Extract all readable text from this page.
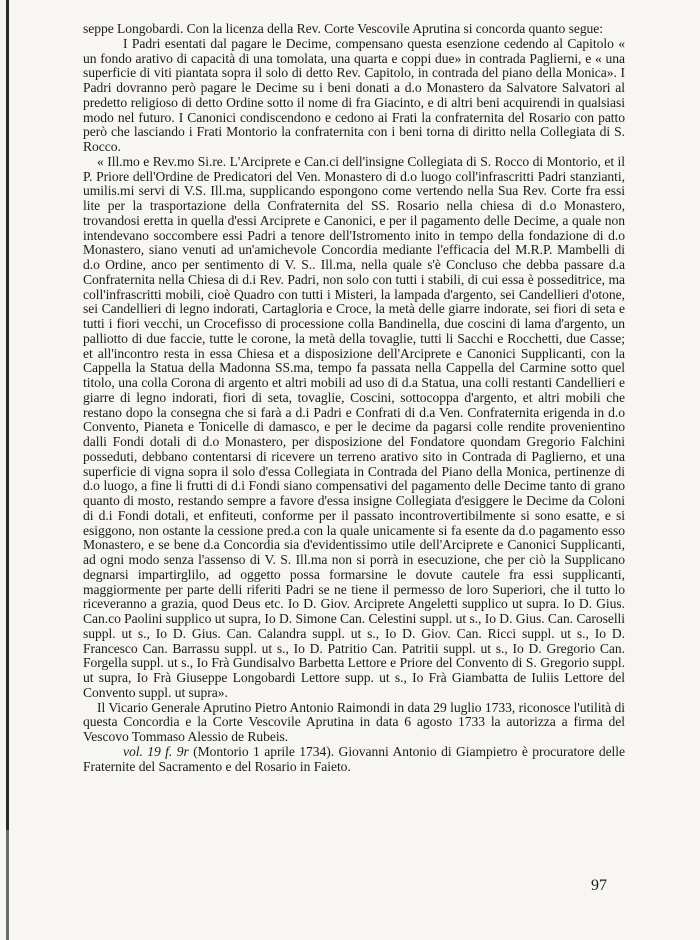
seppe Longobardi. Con la licenza della Rev. Corte Vescovile Aprutina si concorda quanto segue:

I Padri esentati dal pagare le Decime, compensano questa esenzione cedendo al Capitolo « un fondo arativo di capacità di una tomolata, una quarta e coppi due» in contrada Paglierni, e « una superficie di viti piantata sopra il solo di detto Rev. Capitolo, in contrada del piano della Monica». I Padri dovranno però pagare le Decime su i beni donati a d.o Monastero da Salvatore Salvatori al predetto religioso di detto Ordine sotto il nome di fra Giacinto, e di altri beni acquirendi in qualsiasi modo nel futuro. I Canonici condiscendono e cedono ai Frati la confraternita del Rosario con patto però che lasciando i Frati Montorio la confraternita con i beni torna di diritto nella Collegiata di S. Rocco.

« Ill.mo e Rev.mo Si.re. L'Arciprete e Can.ci dell'insigne Collegiata di S. Rocco di Montorio, et il P. Priore dell'Ordine de Predicatori del Ven. Monastero di d.o luogo coll'infrascritti Padri stanzianti, umilis.mi servi di V.S. Ill.ma, supplicando espongono come vertendo nella Sua Rev. Corte fra essi lite per la trasportazione della Confraternita del SS. Rosario nella chiesa di d.o Monastero, trovandosi eretta in quella d'essi Arciprete e Canonici, e per il pagamento delle Decime, a quale non intendevano soccombere essi Padri a tenore dell'Istromento inito in tempo della fondazione di d.o Monastero, siano venuti ad un'amichevole Concordia mediante l'efficacia del M.R.P. Mambelli di d.o Ordine, anco per sentimento di V. S.. Ill.ma, nella quale s'è Concluso che debba passare d.a Confraternita nella Chiesa di d.i Rev. Padri, non solo con tutti i stabili, di cui essa è posseditrice, ma coll'infrascritti mobili, cioè Quadro con tutti i Misteri, la lampada d'argento, sei Candellieri d'otone, sei Candellieri di legno indorati, Cartagloria e Croce, la metà delle giarre indorate, sei fiori di seta e tutti i fiori vecchi, un Crocefisso di processione colla Bandinella, due coscini di lama d'argento, un palliotto di due faccie, tutte le corone, la metà della tovaglie, tutti li Sacchi e Rocchetti, due Casse; et all'incontro resta in essa Chiesa et a disposizione dell'Arciprete e Canonici Supplicanti, con la Cappella la Statua della Madonna SS.ma, tempo fa passata nella Cappella del Carmine sotto quel titolo, una colla Corona di argento et altri mobili ad uso di d.a Statua, una colli restanti Candellieri e giarre di legno indorati, fiori di seta, tovaglie, Coscini, sottocoppa d'argento, et altri mobili che restano dopo la consegna che si farà a d.i Padri e Confrati di d.a Ven. Confraternita erigenda in d.o Convento, Pianeta e Tonicelle di damasco, e per le decime da pagarsi colle rendite provenientino dalli Fondi dotali di d.o Monastero, per disposizione del Fondatore quondam Gregorio Falchini posseduti, debbano contentarsi di ricevere un terreno arativo sito in Contrada di Paglierno, et una superficie di vigna sopra il solo d'essa Collegiata in Contrada del Piano della Monica, pertinenze di d.o luogo, a fine li frutti di d.i Fondi siano compensativi del pagamento delle Decime tanto di grano quanto di mosto, restando sempre a favore d'essa insigne Collegiata d'esiggere le Decime da Coloni di d.i Fondi dotali, et enfiteuti, conforme per il passato incontrovertibilmente si sono esatte, e si esiggono, non ostante la cessione pred.a con la quale unicamente si fa esente da d.o pagamento esso Monastero, e se bene d.a Concordia sia d'evidentissimo utile dell'Arciprete e Canonici Supplicanti, ad ogni modo senza l'assenso di V. S. Ill.ma non si porrà in esecuzione, che per ciò la Supplicano degnarsi impartirglilo, ad oggetto possa formarsine le dovute cautele fra essi supplicanti, maggiormente per parte delli riferiti Padri se ne tiene il permesso de loro Superiori, che il tutto lo riceveranno a grazia, quod Deus etc. Io D. Giov. Arciprete Angeletti supplico ut supra. Io D. Gius. Can.co Paolini supplico ut supra, Io D. Simone Can. Celestini suppl. ut s., Io D. Gius. Can. Caroselli suppl. ut s., Io D. Gius. Can. Calandra suppl. ut s., Io D. Giov. Can. Ricci suppl. ut s., Io D. Francesco Can. Barrassu suppl. ut s., Io D. Patritio Can. Patritii suppl. ut s., Io D. Gregorio Can. Forgella suppl. ut s., Io Frà Gundisalvo Barbetta Lettore e Priore del Convento di S. Gregorio suppl. ut supra, Io Frà Giuseppe Longobardi Lettore supp. ut s., Io Frà Giambatta de Iuliis Lettore del Convento suppl. ut supra».

Il Vicario Generale Aprutino Pietro Antonio Raimondi in data 29 luglio 1733, riconosce l'utilità di questa Concordia e la Corte Vescovile Aprutina in data 6 agosto 1733 la autorizza a firma del Vescovo Tommaso Alessio de Rubeis.

vol. 19 f. 9r (Montorio 1 aprile 1734). Giovanni Antonio di Giampietro è procuratore delle Fraternite del Sacramento e del Rosario in Faieto.

97
